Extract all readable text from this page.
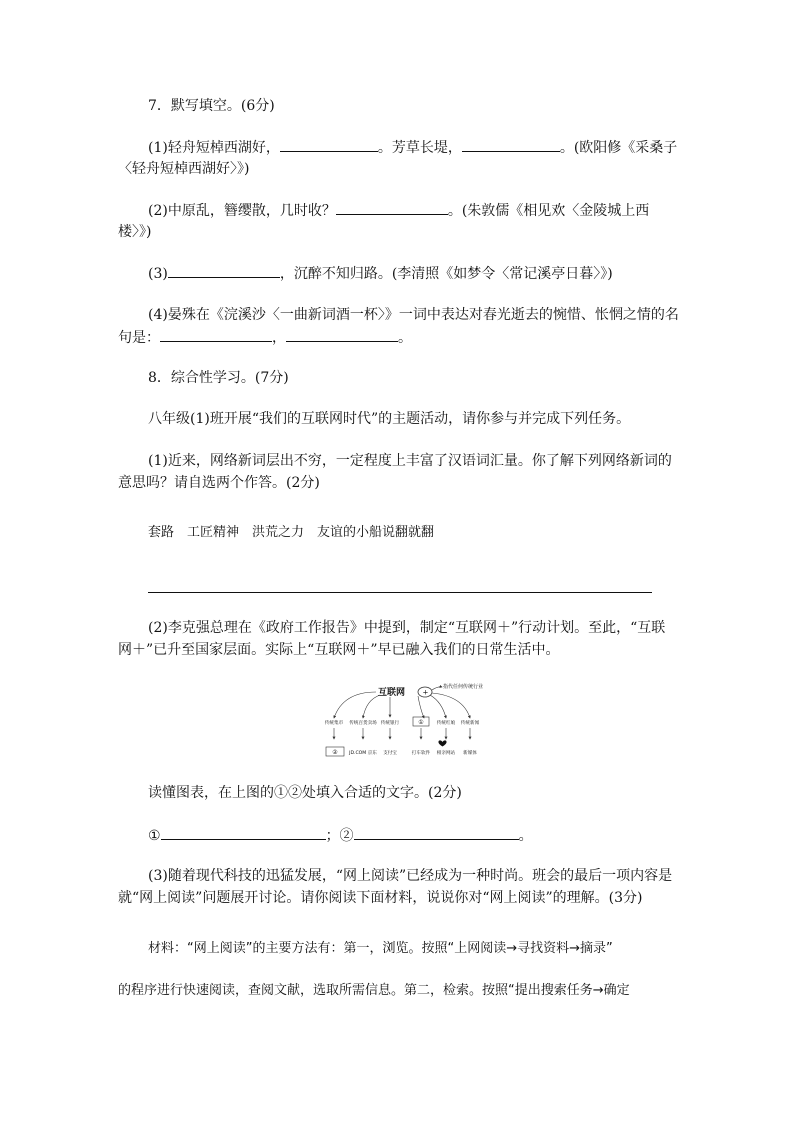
7．默写填空。(6分)
(1)轻舟短棹西湖好，	。芳草长堤，	。(欧阳修《采桑子
〈轻舟短棹西湖好〉》)
(2)中原乱，簪缨散，几时收？	。(朱敦儒《相见欢〈金陵城上西
楼〉》)
(3)	，沉醉不知归路。(李清照《如梦令〈常记溪亭日暮〉》)
(4)晏殊在《浣溪沙〈一曲新词酒一杯〉》一词中表达对春光逝去的惋惜、怅惘之情的名
句是：	，	。
8．综合性学习。(7分)
八年级(1)班开展“我们的互联网时代”的主题活动，请你参与并完成下列任务。
(1)近来，网络新词层出不穷，一定程度上丰富了汉语词汇量。你了解下列网络新词的
意思吗？请自选两个作答。(2分)
套路　工匠精神　洪荒之力　友谊的小船说翻就翻
(2)李克强总理在《政府工作报告》中提到，制定“互联网＋”行动计划。至此，“互联
网＋”已升至国家层面。实际上“互联网＋”早已融入我们的日常生活中。
互联网 +
指代任何传统行业
传统集市 传统百货卖场 传统银行	①	传统红娘 传统新闻
② JD.COM 京东 支付宝	打车软件 相亲网站 新媒体
读懂图表，在上图的①②处填入合适的文字。(2分)
①	；②	。
(3)随着现代科技的迅猛发展，“网上阅读”已经成为一种时尚。班会的最后一项内容是
就“网上阅读”问题展开讨论。请你阅读下面材料，说说你对“网上阅读”的理解。(3分)
材料：“网上阅读”的主要方法有：第一，浏览。按照“上网阅读→寻找资料→摘录”
的程序进行快速阅读，查阅文献，选取所需信息。第二，检索。按照“提出搜索任务→确定
